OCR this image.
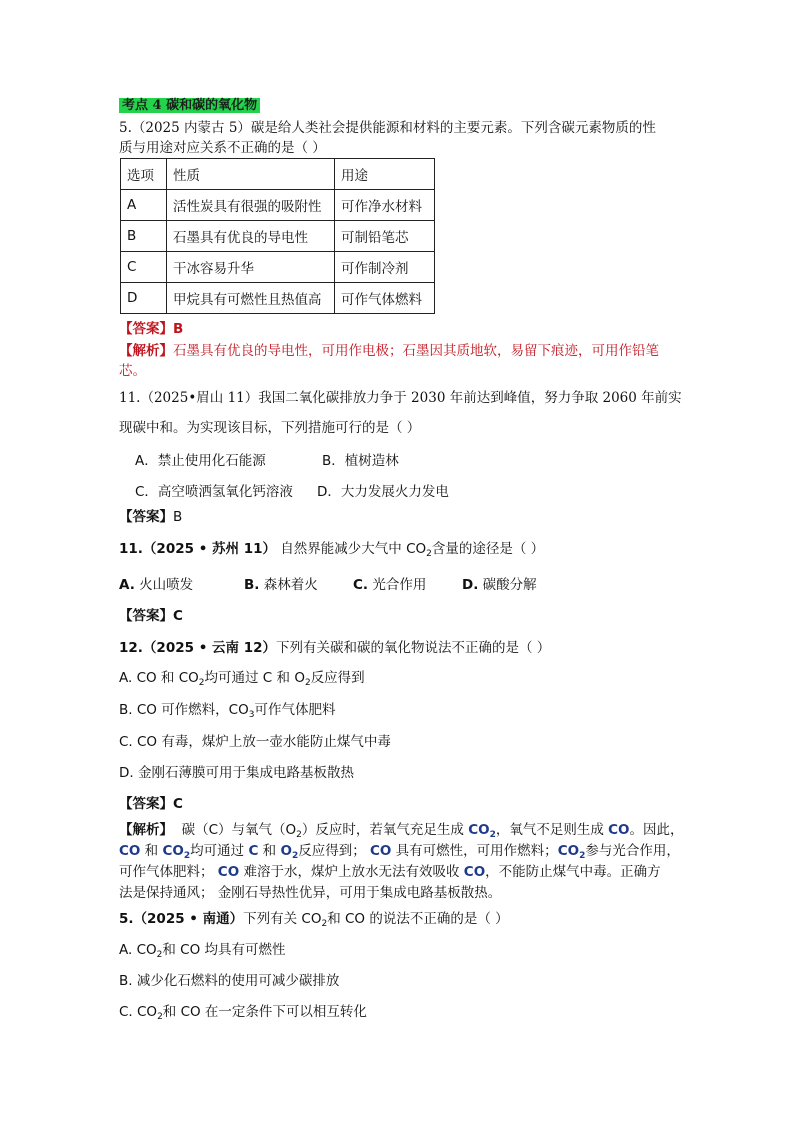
考点 4 碳和碳的氧化物
5.（2025 内蒙古 5）碳是给人类社会提供能源和材料的主要元素。下列含碳元素物质的性
质与用途对应关系不正确的是（ ）
选项	性质	用途
A	活性炭具有很强的吸附性	可作净水材料
B	石墨具有优良的导电性	可制铅笔芯
C	干冰容易升华	可作制冷剂
D	甲烷具有可燃性且热值高	可作气体燃料
【答案】B
【解析】石墨具有优良的导电性，可用作电极；石墨因其质地软，易留下痕迹，可用作铅笔
芯。
11.（2025•眉山 11）我国二氧化碳排放力争于 2030 年前达到峰值，努力争取 2060 年前实
现碳中和。为实现该目标，下列措施可行的是（ ）
A．禁止使用化石能源	B．植树造林
C．高空喷洒氢氧化钙溶液 D．大力发展火力发电
【答案】B
11.（2025 • 苏州 11） 自然界能减少大气中 $CO_2$含量的途径是（ ）
A. 火山喷发	B. 森林着火	C. 光合作用	D. 碳酸分解
【答案】C
12.（2025 • 云南 12）下列有关碳和碳的氧化物说法不正确的是（ ）
A. CO 和 $CO_2$均可通过 C 和 $O_2$反应得到
B. CO 可作燃料，$CO_3$可作气体肥料
C. CO 有毒，煤炉上放一壶水能防止煤气中毒
D. 金刚石薄膜可用于集成电路基板散热
【答案】C
【解析】 碳（C）与氧气$(O_2)$反应时，若氧气充足生成 $CO_2$，氧气不足则生成 CO。因此，
CO 和 $CO_2$均可通过 C 和 $O_2$反应得到； CO 具有可燃性，可用作燃料；$CO_2$参与光合作用，
可作气体肥料； CO 难溶于水，煤炉上放水无法有效吸收 CO，不能防止煤气中毒。正确方
法是保持通风； 金刚石导热性优异，可用于集成电路基板散热。
5.（2025 • 南通）下列有关 $CO_2$和 CO 的说法不正确的是（ ）
A. $CO_2$和 CO 均具有可燃性
B. 减少化石燃料的使用可减少碳排放
C. $CO_2$和 CO 在一定条件下可以相互转化
